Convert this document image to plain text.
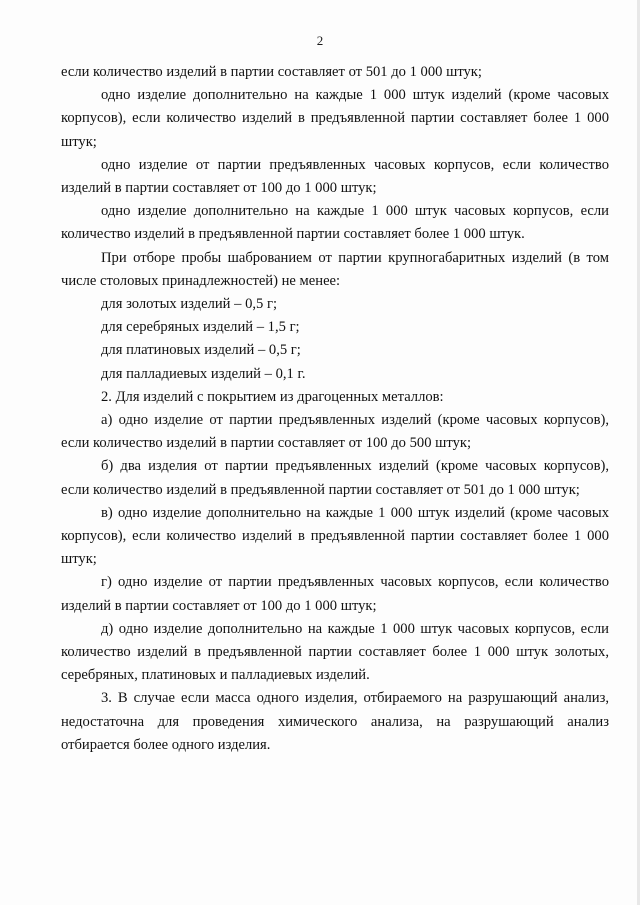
2

если количество изделий в партии составляет от 501 до 1 000 штук;

одно изделие дополнительно на каждые 1 000 штук изделий (кроме часовых корпусов), если количество изделий в предъявленной партии составляет более 1 000 штук;

одно изделие от партии предъявленных часовых корпусов, если количество изделий в партии составляет от 100 до 1 000 штук;

одно изделие дополнительно на каждые 1 000 штук часовых корпусов, если количество изделий в предъявленной партии составляет более 1 000 штук.

При отборе пробы шаброванием от партии крупногабаритных изделий (в том числе столовых принадлежностей) не менее:

для золотых изделий – 0,5 г;

для серебряных изделий – 1,5 г;

для платиновых изделий – 0,5 г;

для палладиевых изделий – 0,1 г.

2. Для изделий с покрытием из драгоценных металлов:

а) одно изделие от партии предъявленных изделий (кроме часовых корпусов), если количество изделий в партии составляет от 100 до 500 штук;

б) два изделия от партии предъявленных изделий (кроме часовых корпусов), если количество изделий в предъявленной партии составляет от 501 до 1 000 штук;

в) одно изделие дополнительно на каждые 1 000 штук изделий (кроме часовых корпусов), если количество изделий в предъявленной партии составляет более 1 000 штук;

г) одно изделие от партии предъявленных часовых корпусов, если количество изделий в партии составляет от 100 до 1 000 штук;

д) одно изделие дополнительно на каждые 1 000 штук часовых корпусов, если количество изделий в предъявленной партии составляет более 1 000 штук золотых, серебряных, платиновых и палладиевых изделий.

3. В случае если масса одного изделия, отбираемого на разрушающий анализ, недостаточна для проведения химического анализа, на разрушающий анализ отбирается более одного изделия.
